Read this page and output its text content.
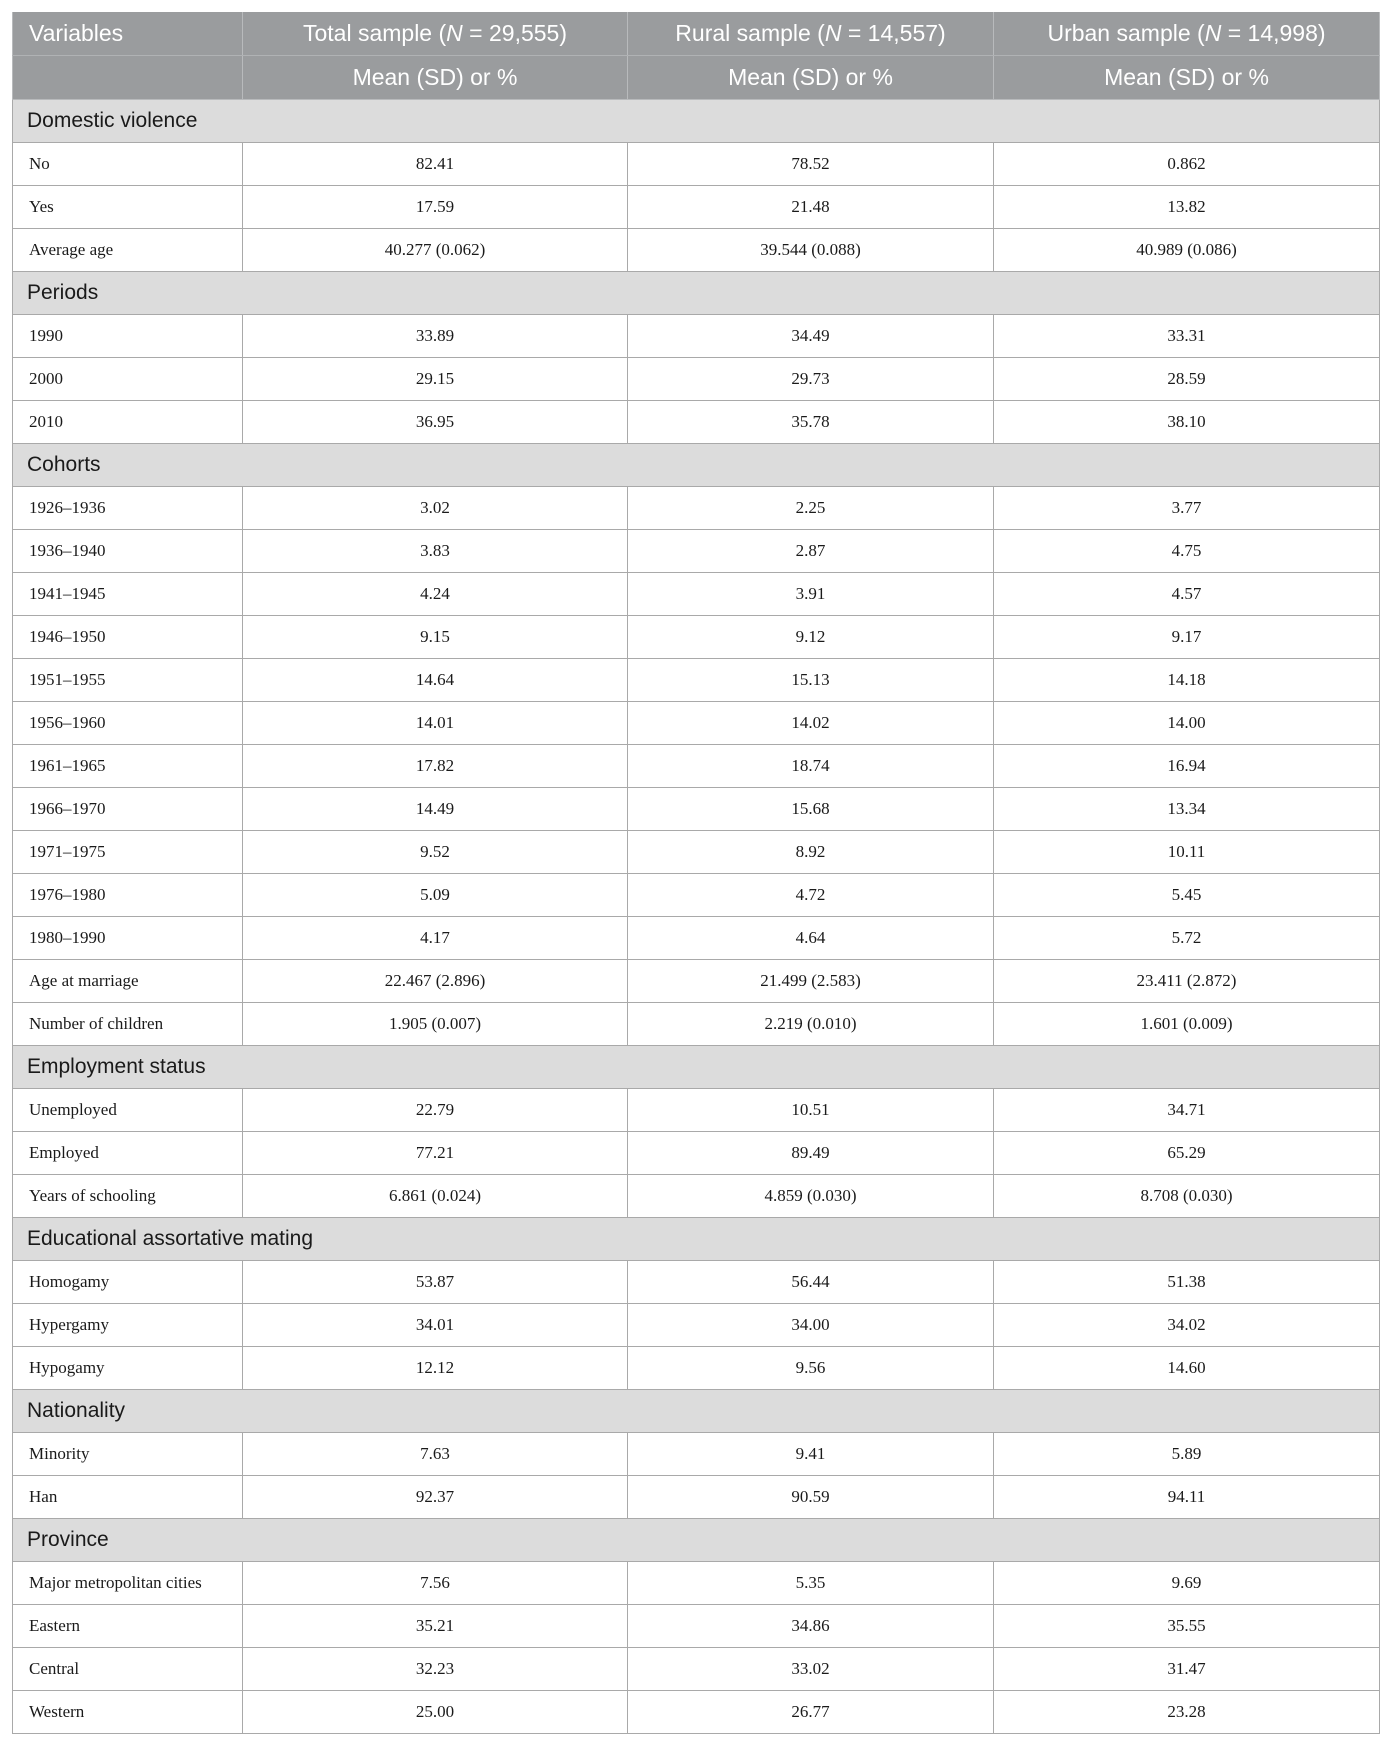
Variables	Total sample (N = 29,555)	Rural sample (N = 14,557)	Urban sample (N = 14,998)
	Mean (SD) or %	Mean (SD) or %	Mean (SD) or %
Domestic violence			
No	82.41	78.52	0.862
Yes	17.59	21.48	13.82
Average age	40.277 (0.062)	39.544 (0.088)	40.989 (0.086)
Periods			
1990	33.89	34.49	33.31
2000	29.15	29.73	28.59
2010	36.95	35.78	38.10
Cohorts			
1926–1936	3.02	2.25	3.77
1936–1940	3.83	2.87	4.75
1941–1945	4.24	3.91	4.57
1946–1950	9.15	9.12	9.17
1951–1955	14.64	15.13	14.18
1956–1960	14.01	14.02	14.00
1961–1965	17.82	18.74	16.94
1966–1970	14.49	15.68	13.34
1971–1975	9.52	8.92	10.11
1976–1980	5.09	4.72	5.45
1980–1990	4.17	4.64	5.72
Age at marriage	22.467 (2.896)	21.499 (2.583)	23.411 (2.872)
Number of children	1.905 (0.007)	2.219 (0.010)	1.601 (0.009)
Employment status			
Unemployed	22.79	10.51	34.71
Employed	77.21	89.49	65.29
Years of schooling	6.861 (0.024)	4.859 (0.030)	8.708 (0.030)
Educational assortative mating			
Homogamy	53.87	56.44	51.38
Hypergamy	34.01	34.00	34.02
Hypogamy	12.12	9.56	14.60
Nationality			
Minority	7.63	9.41	5.89
Han	92.37	90.59	94.11
Province			
Major metropolitan cities	7.56	5.35	9.69
Eastern	35.21	34.86	35.55
Central	32.23	33.02	31.47
Western	25.00	26.77	23.28
